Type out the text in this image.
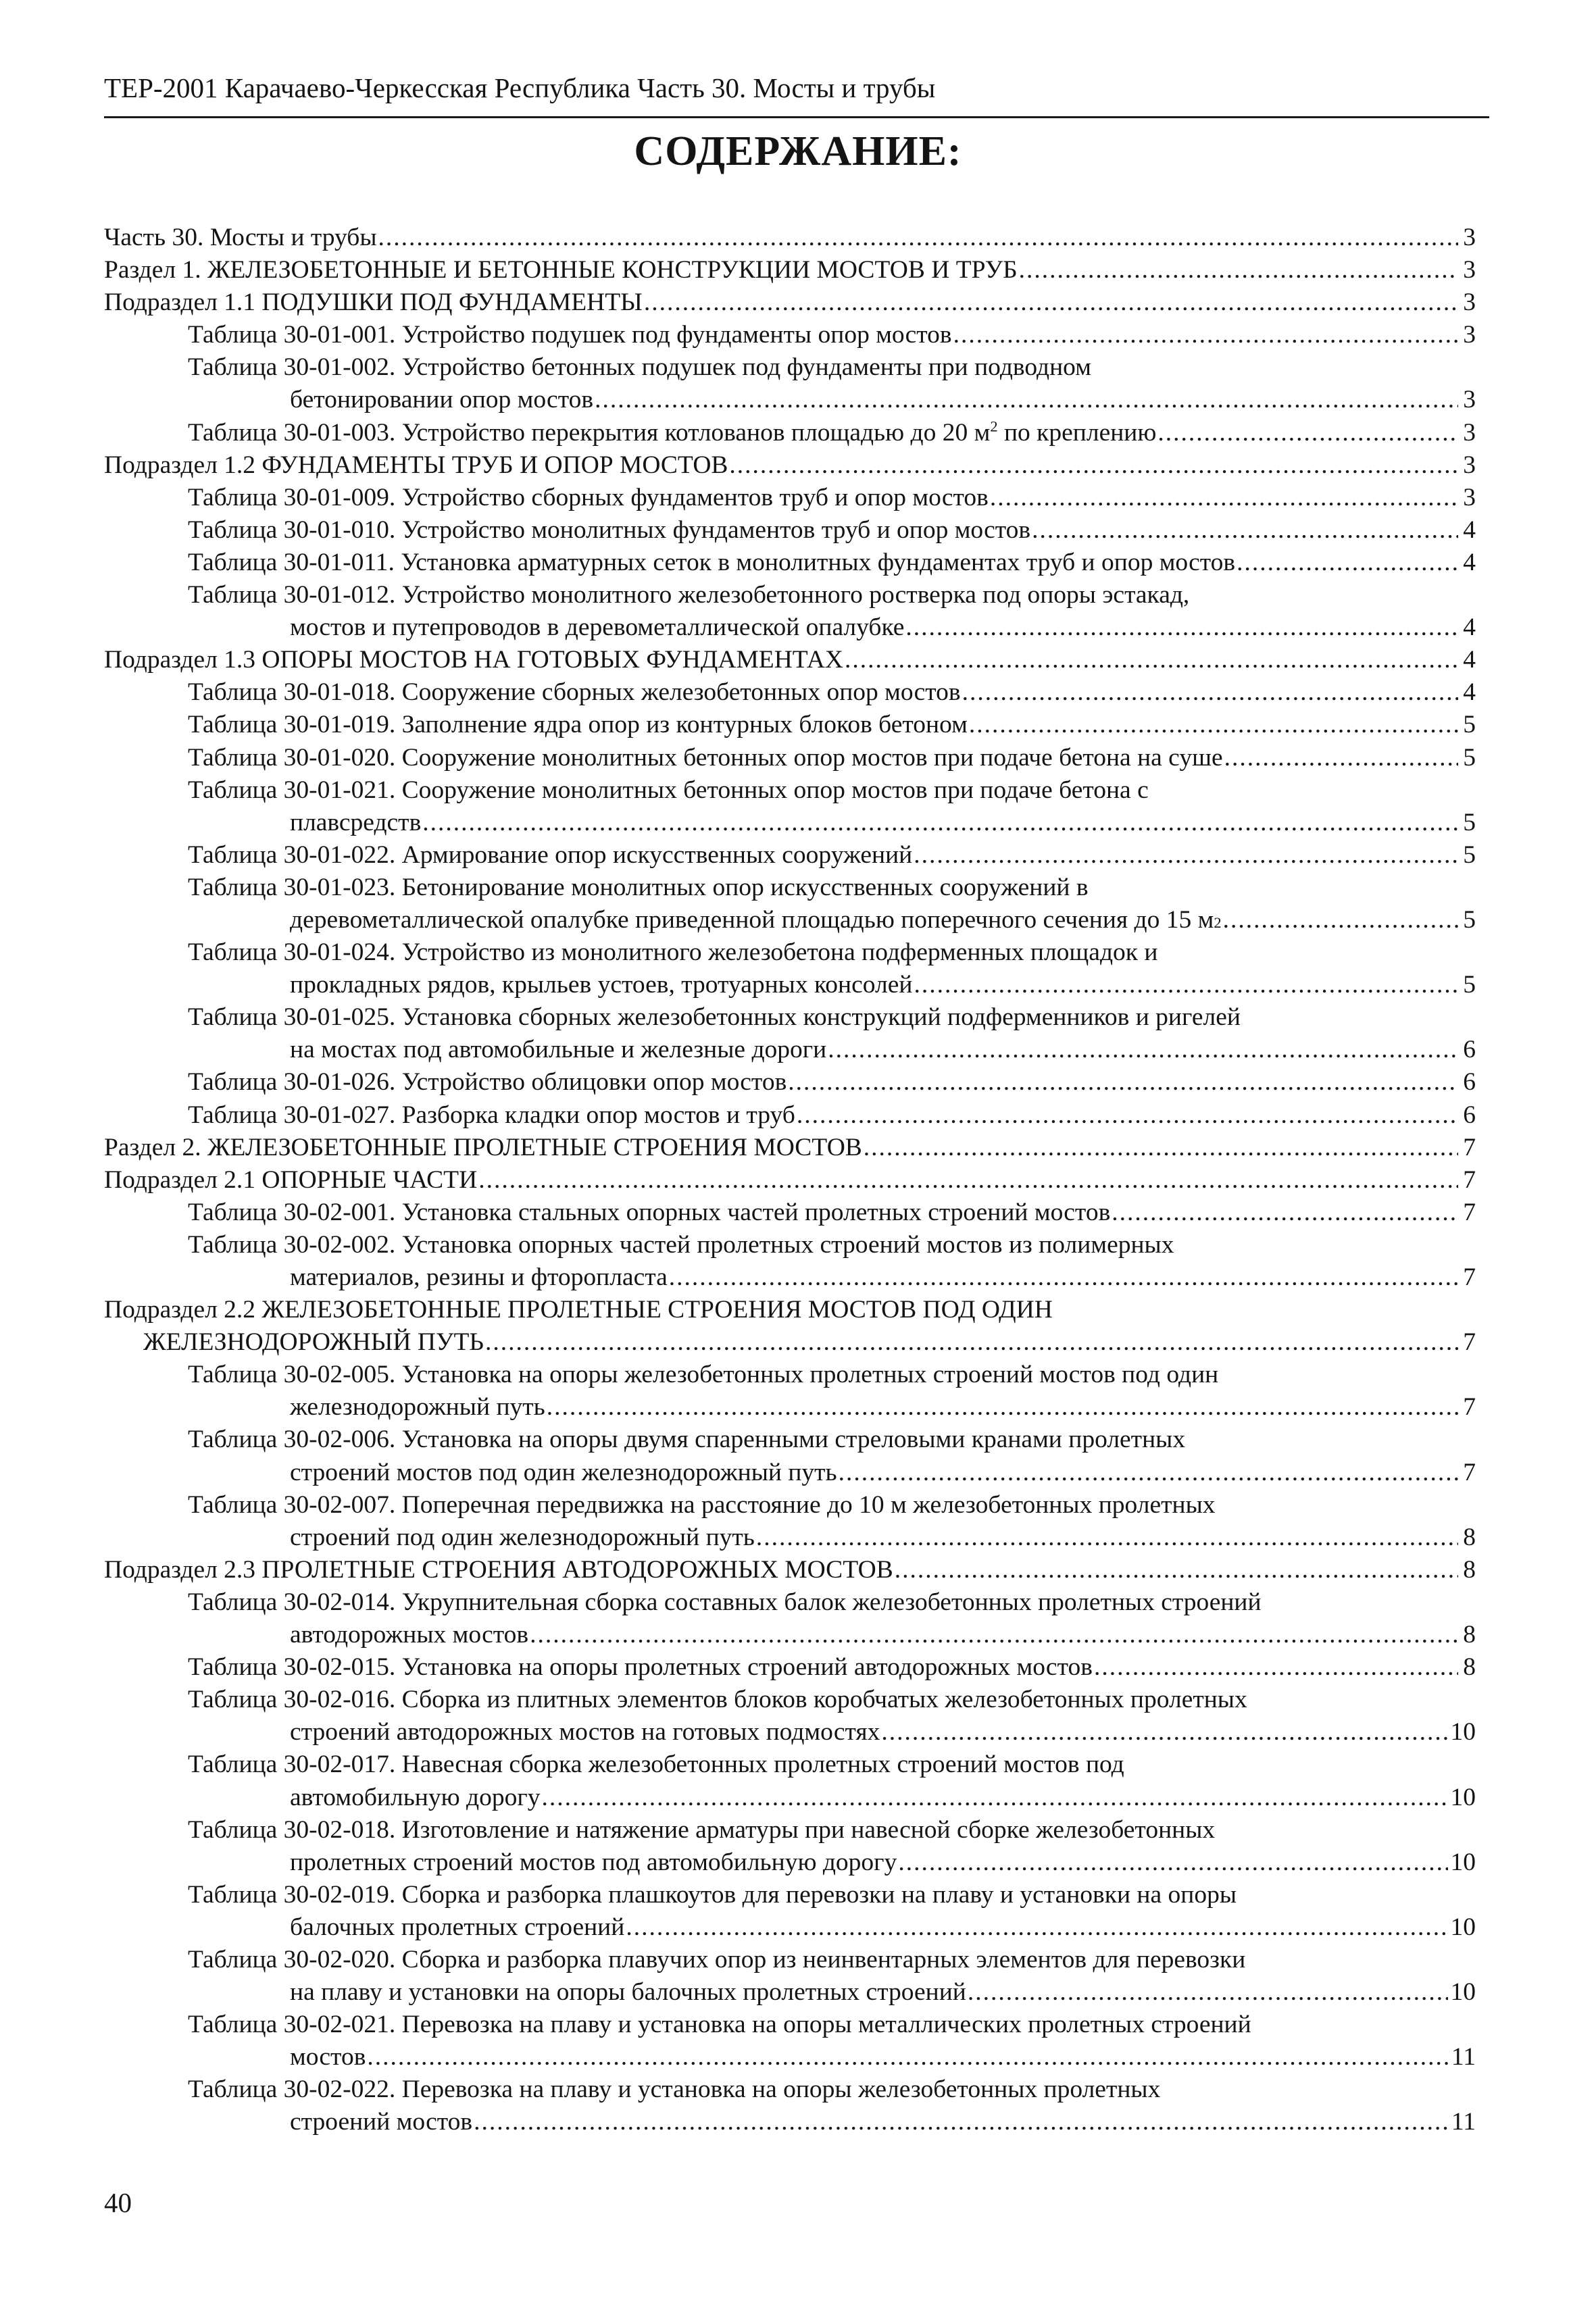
ТЕР-2001 Карачаево-Черкесская Республика Часть 30. Мосты и трубы
СОДЕРЖАНИЕ:
Часть 30. Мосты и трубы .....	3
Раздел 1. ЖЕЛЕЗОБЕТОННЫЕ И БЕТОННЫЕ КОНСТРУКЦИИ МОСТОВ И ТРУБ .....	3
Подраздел 1.1 ПОДУШКИ ПОД ФУНДАМЕНТЫ .....	3
Таблица 30-01-001. Устройство подушек под фундаменты опор мостов .....	3
Таблица 30-01-002. Устройство бетонных подушек под фундаменты при подводном
бетонировании опор мостов .....	3
Таблица 30-01-003. Устройство перекрытия котлованов площадью до 20 $м^2$ по креплению .....	3
Подраздел 1.2 ФУНДАМЕНТЫ ТРУБ И ОПОР МОСТОВ .....	3
Таблица 30-01-009. Устройство сборных фундаментов труб и опор мостов .....	3
Таблица 30-01-010. Устройство монолитных фундаментов труб и опор мостов .....	4
Таблица 30-01-011. Установка арматурных сеток в монолитных фундаментах труб и опор мостов .....	4
Таблица 30-01-012. Устройство монолитного железобетонного ростверка под опоры эстакад,
мостов и путепроводов в деревометаллической опалубке .....	4
Подраздел 1.3 ОПОРЫ МОСТОВ НА ГОТОВЫХ ФУНДАМЕНТАХ .....	4
Таблица 30-01-018. Сооружение сборных железобетонных опор мостов .....	4
Таблица 30-01-019. Заполнение ядра опор из контурных блоков бетоном .....	5
Таблица 30-01-020. Сооружение монолитных бетонных опор мостов при подаче бетона на суше .....	5
Таблица 30-01-021. Сооружение монолитных бетонных опор мостов при подаче бетона с
плавсредств .....	5
Таблица 30-01-022. Армирование опор искусственных сооружений .....	5
Таблица 30-01-023. Бетонирование монолитных опор искусственных сооружений в
деревометаллической опалубке приведенной площадью поперечного сечения до 15 м 2 .....	5
Таблица 30-01-024. Устройство из монолитного железобетона подферменных площадок и
прокладных рядов, крыльев устоев, тротуарных консолей .....	5
Таблица 30-01-025. Установка сборных железобетонных конструкций подферменников и ригелей
на мостах под автомобильные и железные дороги .....	6
Таблица 30-01-026. Устройство облицовки опор мостов .....	6
Таблица 30-01-027. Разборка кладки опор мостов и труб .....	6
Раздел 2. ЖЕЛЕЗОБЕТОННЫЕ ПРОЛЕТНЫЕ СТРОЕНИЯ МОСТОВ .....	7
Подраздел 2.1 ОПОРНЫЕ ЧАСТИ .....	7
Таблица 30-02-001. Установка стальных опорных частей пролетных строений мостов .....	7
Таблица 30-02-002. Установка опорных частей пролетных строений мостов из полимерных
материалов, резины и фторопласта .....	7
Подраздел 2.2 ЖЕЛЕЗОБЕТОННЫЕ ПРОЛЕТНЫЕ СТРОЕНИЯ МОСТОВ ПОД ОДИН
ЖЕЛЕЗНОДОРОЖНЫЙ ПУТЬ .....	7
Таблица 30-02-005. Установка на опоры железобетонных пролетных строений мостов под один
железнодорожный путь .....	7
Таблица 30-02-006. Установка на опоры двумя спаренными стреловыми кранами пролетных
строений мостов под один железнодорожный путь .....	7
Таблица 30-02-007. Поперечная передвижка на расстояние до 10 м железобетонных пролетных
строений под один железнодорожный путь .....	8
Подраздел 2.3 ПРОЛЕТНЫЕ СТРОЕНИЯ АВТОДОРОЖНЫХ МОСТОВ .....	8
Таблица 30-02-014. Укрупнительная сборка составных балок железобетонных пролетных строений
автодорожных мостов .....	8
Таблица 30-02-015. Установка на опоры пролетных строений автодорожных мостов .....	8
Таблица 30-02-016. Сборка из плитных элементов блоков коробчатых железобетонных пролетных
строений автодорожных мостов на готовых подмостях .....	10
Таблица 30-02-017. Навесная сборка железобетонных пролетных строений мостов под
автомобильную дорогу .....	10
Таблица 30-02-018. Изготовление и натяжение арматуры при навесной сборке железобетонных
пролетных строений мостов под автомобильную дорогу .....	10
Таблица 30-02-019. Сборка и разборка плашкоутов для перевозки на плаву и установки на опоры
балочных пролетных строений .....	10
Таблица 30-02-020. Сборка и разборка плавучих опор из неинвентарных элементов для перевозки
на плаву и установки на опоры балочных пролетных строений .....	10
Таблица 30-02-021. Перевозка на плаву и установка на опоры металлических пролетных строений
мостов .....	11
Таблица 30-02-022. Перевозка на плаву и установка на опоры железобетонных пролетных
строений мостов .....	11
40
